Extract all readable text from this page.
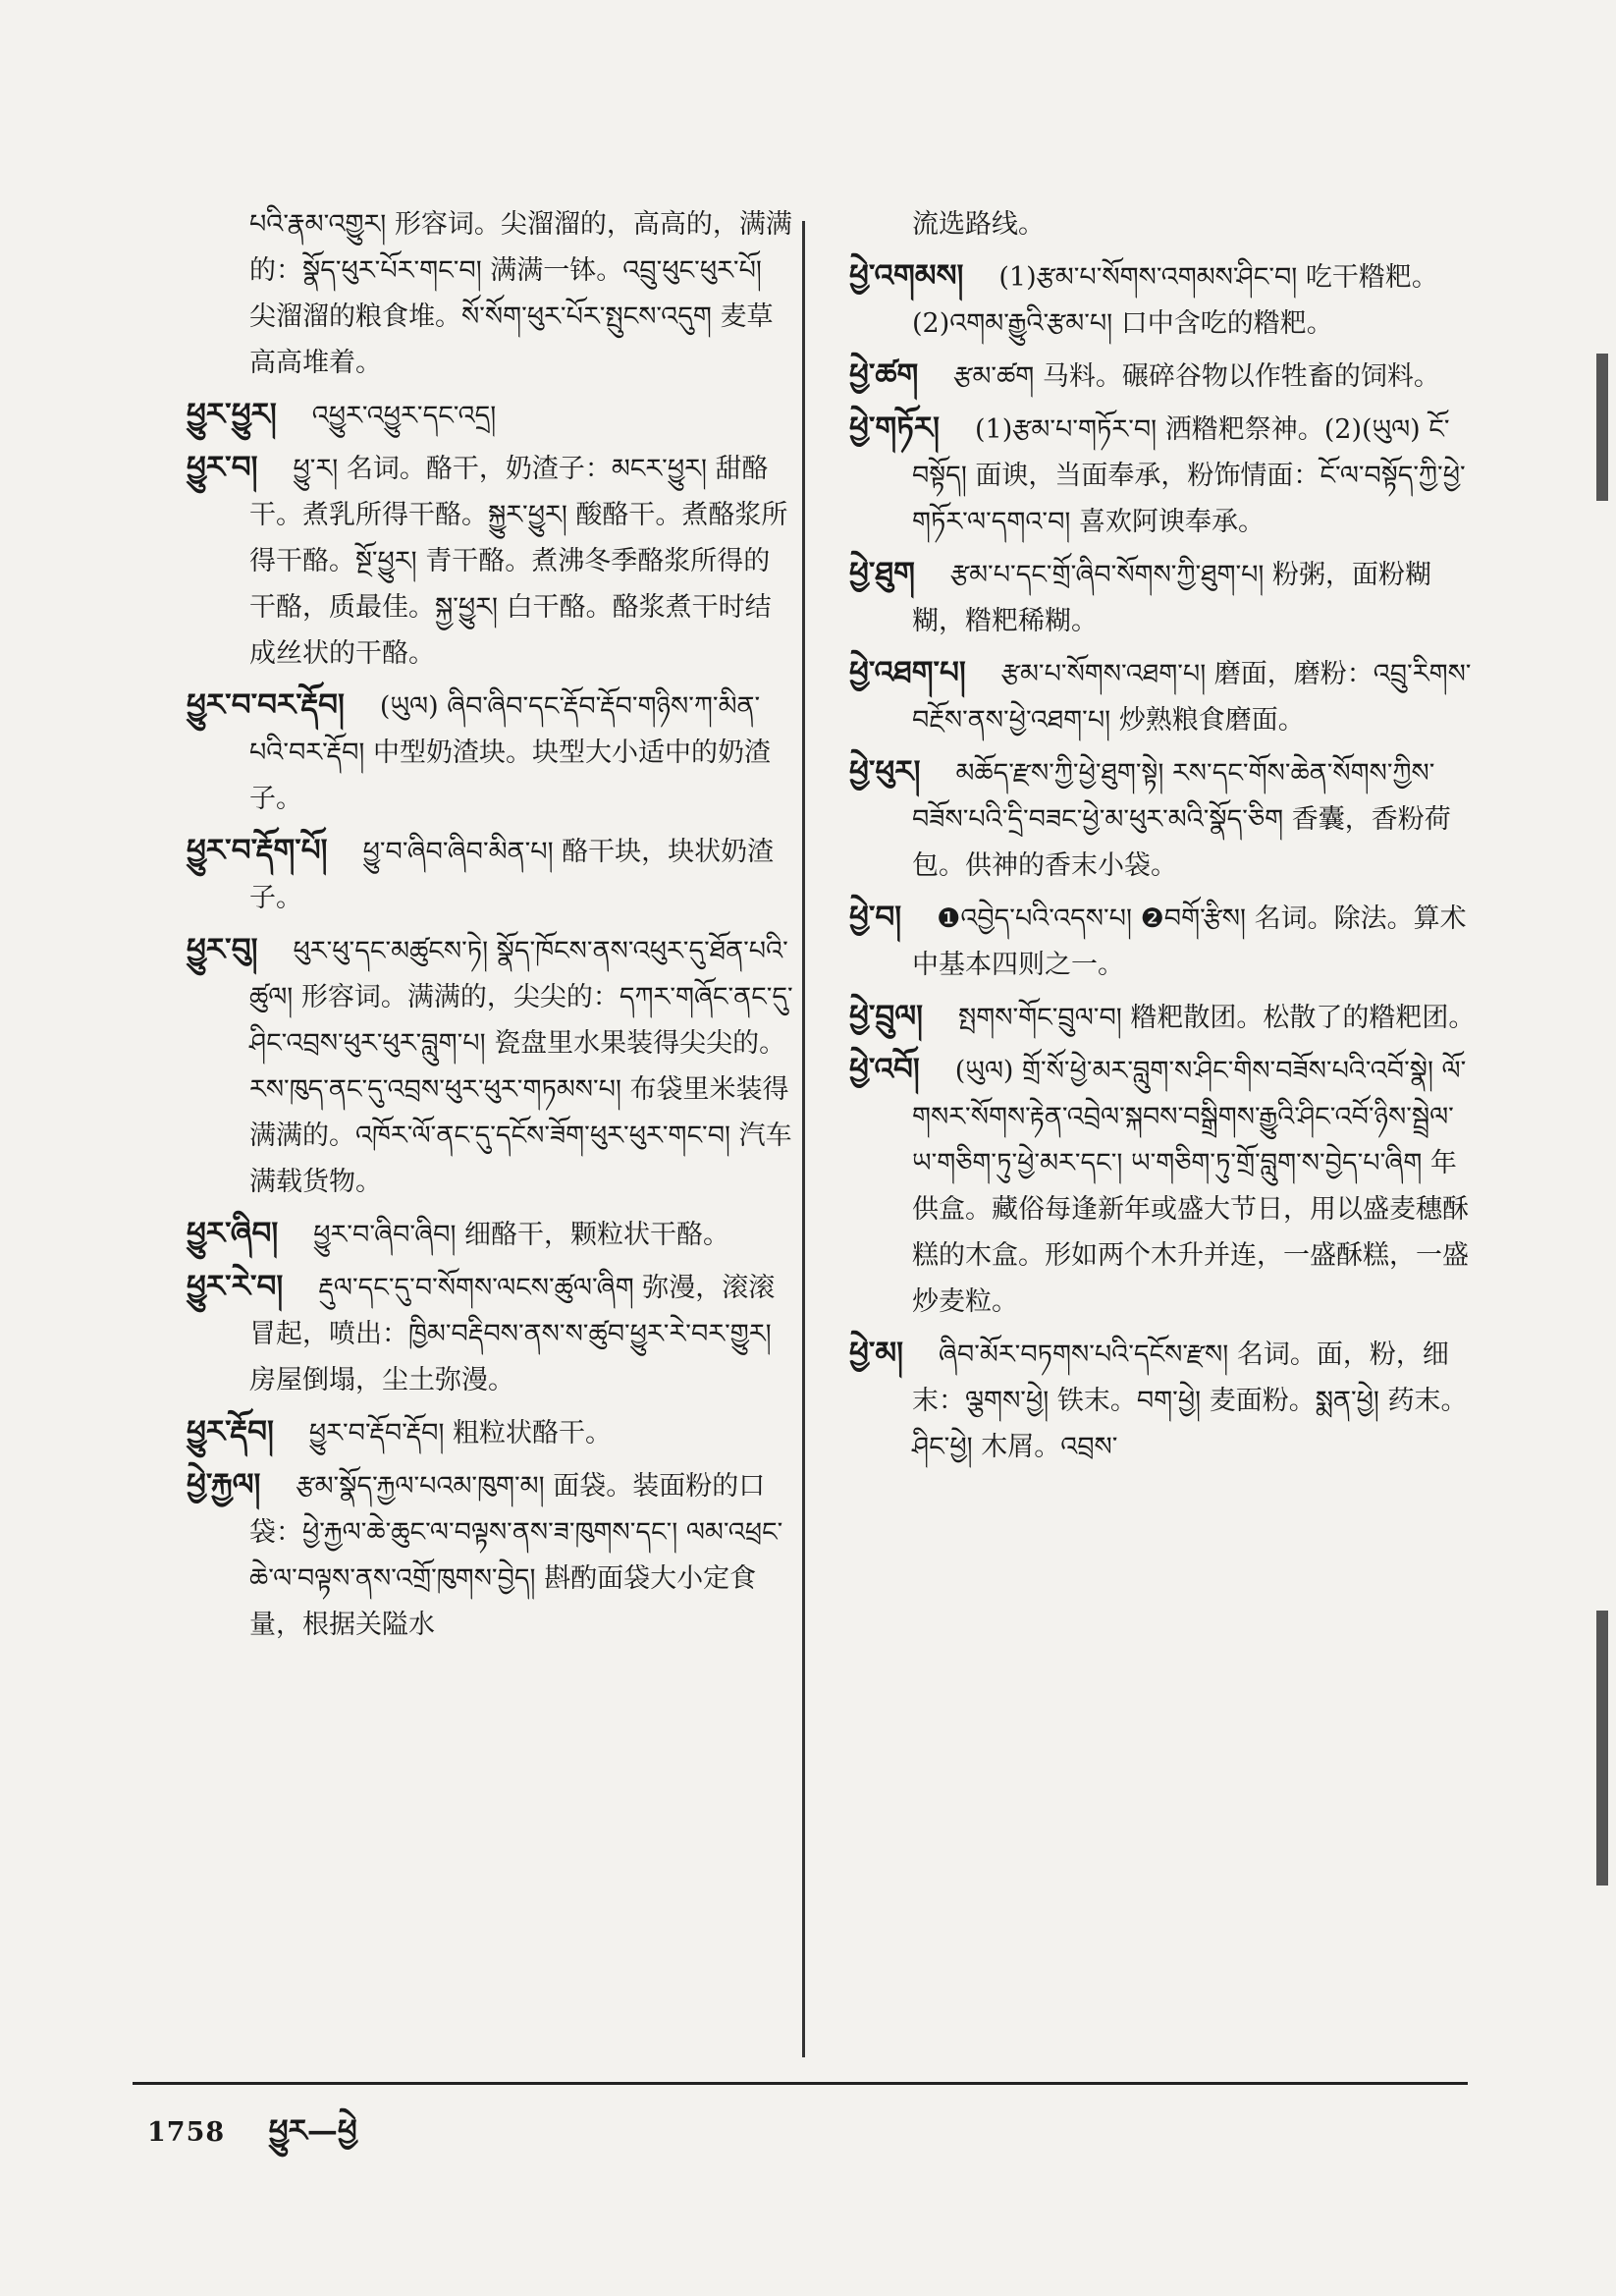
པའི་རྣམ་འགྱུར། 形容词。尖溜溜的，高高的，满满的：སྣོད་ཕུར་པོར་གང་བ། 满满一钵。འབྲུ་ཕུང་ཕུར་པོ། 尖溜溜的粮食堆。སོ་སོག་ཕུར་པོར་སྤུངས་འདུག 麦草高高堆着。

ཕྱུར་ཕྱུར། འཕྱུར་འཕྱུར་དང་འདྲ།

ཕྱུར་བ། ཕྱུ་ར། 名词。酪干，奶渣子：མངར་ཕྱུར། 甜酪干。煮乳所得干酪。སྐྱུར་ཕྱུར། 酸酪干。煮酪浆所得干酪。སྔོ་ཕྱུར། 青干酪。煮沸冬季酪浆所得的干酪，质最佳。སྐྱ་ཕྱུར། 白干酪。酪浆煮干时结成丝状的干酪。

ཕྱུར་བ་བར་རྡོབ། (ཡུལ) ཞིབ་ཞིབ་དང་རྡོབ་རྡོབ་གཉིས་ཀ་མིན་པའི་བར་རྡོབ། 中型奶渣块。块型大小适中的奶渣子。

ཕྱུར་བ་རྡོག་པོ། ཕྱུ་བ་ཞིབ་ཞིབ་མིན་པ། 酪干块，块状奶渣子。

ཕྱུར་བུ། ཕུར་ཕུ་དང་མཚུངས་ཏེ། སྣོད་ཁོངས་ནས་འཕུར་དུ་ཐོན་པའི་ཚུལ། 形容词。满满的，尖尖的：དཀར་གཞོང་ནང་དུ་ཤིང་འབྲས་ཕུར་ཕུར་བླུག་པ། 瓷盘里水果装得尖尖的。རས་ཁུད་ནང་དུ་འབྲས་ཕུར་ཕུར་གཏམས་པ། 布袋里米装得满满的。འཁོར་ལོ་ནང་དུ་དངོས་ཟོག་ཕུར་ཕུར་གང་བ། 汽车满载货物。

ཕྱུར་ཞིབ། ཕྱུར་བ་ཞིབ་ཞིབ། 细酪干，颗粒状干酪。

ཕྱུར་རེ་བ། རྡུལ་དང་དུ་བ་སོགས་ལངས་ཚུལ་ཞིག 弥漫，滚滚冒起，喷出：ཁྱིམ་བརྡིབས་ནས་ས་ཚུབ་ཕྱུར་རེ་བར་གྱུར། 房屋倒塌，尘土弥漫。

ཕྱུར་རྡོབ། ཕྱུར་བ་རྡོབ་རྡོབ། 粗粒状酪干。

ཕྱེ་རྐྱལ། རྩམ་སྣོད་རྐྱལ་པའམ་ཁུག་མ། 面袋。装面粉的口袋：ཕྱེ་རྐྱལ་ཆེ་ཆུང་ལ་བལྟས་ནས་ཟ་ཁུགས་དང་། ལམ་འཕྲང་ཆེ་ལ་བལྟས་ནས་འགྲོ་ཁུགས་བྱེད། 斟酌面袋大小定食量，根据关隘水

流选路线。

ཕྱེ་འགམས། (1)རྩམ་པ་སོགས་འགམས་ཤིང་བ། 吃干糌粑。(2)འགམ་རྒྱུའི་རྩམ་པ། 口中含吃的糌粑。

ཕྱེ་ཚག རྩམ་ཚག 马料。碾碎谷物以作牲畜的饲料。

ཕྱེ་གཏོར། (1)རྩམ་པ་གཏོར་བ། 洒糌粑祭神。(2)(ཡུལ) ངོ་བསྟོད། 面谀，当面奉承，粉饰情面：ངོ་ལ་བསྟོད་ཀྱི་ཕྱེ་གཏོར་ལ་དགའ་བ། 喜欢阿谀奉承。

ཕྱེ་ཐུག རྩམ་པ་དང་གྲོ་ཞིབ་སོགས་ཀྱི་ཐུག་པ། 粉粥，面粉糊糊，糌粑稀糊。

ཕྱེ་འཐག་པ། རྩམ་པ་སོགས་འཐག་པ། 磨面，磨粉：འབྲུ་རིགས་བརྔོས་ནས་ཕྱེ་འཐག་པ། 炒熟粮食磨面。

ཕྱེ་ཕུར། མཆོད་རྫས་ཀྱི་ཕྱེ་ཐུག་སྟེ། རས་དང་གོས་ཆེན་སོགས་ཀྱིས་བཟོས་པའི་དྲི་བཟང་ཕྱེ་མ་ཕུར་མའི་སྣོད་ཅིག 香囊，香粉荷包。供神的香末小袋。

ཕྱེ་བ། ❶འབྱེད་པའི་འདས་པ། ❷བགོ་རྩིས། 名词。除法。算术中基本四则之一。

ཕྱེ་བྲུལ། སྤགས་གོང་བྲུལ་བ། 糌粑散团。松散了的糌粑团。

ཕྱེ་འབོ། (ཡུལ) གྲོ་སོ་ཕྱེ་མར་བླུག་ས་ཤིང་གིས་བཟོས་པའི་འབོ་སྣེ། ལོ་གསར་སོགས་རྟེན་འབྲེལ་སྐབས་བསྒྲིགས་རྒྱུའི་ཤིང་འབོ་ཉིས་སྦྲེལ་ཡ་གཅིག་ཏུ་ཕྱེ་མར་དང་། ཡ་གཅིག་ཏུ་གྲོ་བླུག་ས་བྱེད་པ་ཞིག 年供盒。藏俗每逢新年或盛大节日，用以盛麦穗酥糕的木盒。形如两个木升并连，一盛酥糕，一盛炒麦粒。

ཕྱེ་མ། ཞིབ་མོར་བཏགས་པའི་དངོས་རྫས། 名词。面，粉，细末：ལྕགས་ཕྱེ། 铁末。བག་ཕྱེ། 麦面粉。སྨན་ཕྱེ། 药末。ཤིང་ཕྱེ། 木屑。འབྲས་

1758 ཕྱུར—ཕྱེ
